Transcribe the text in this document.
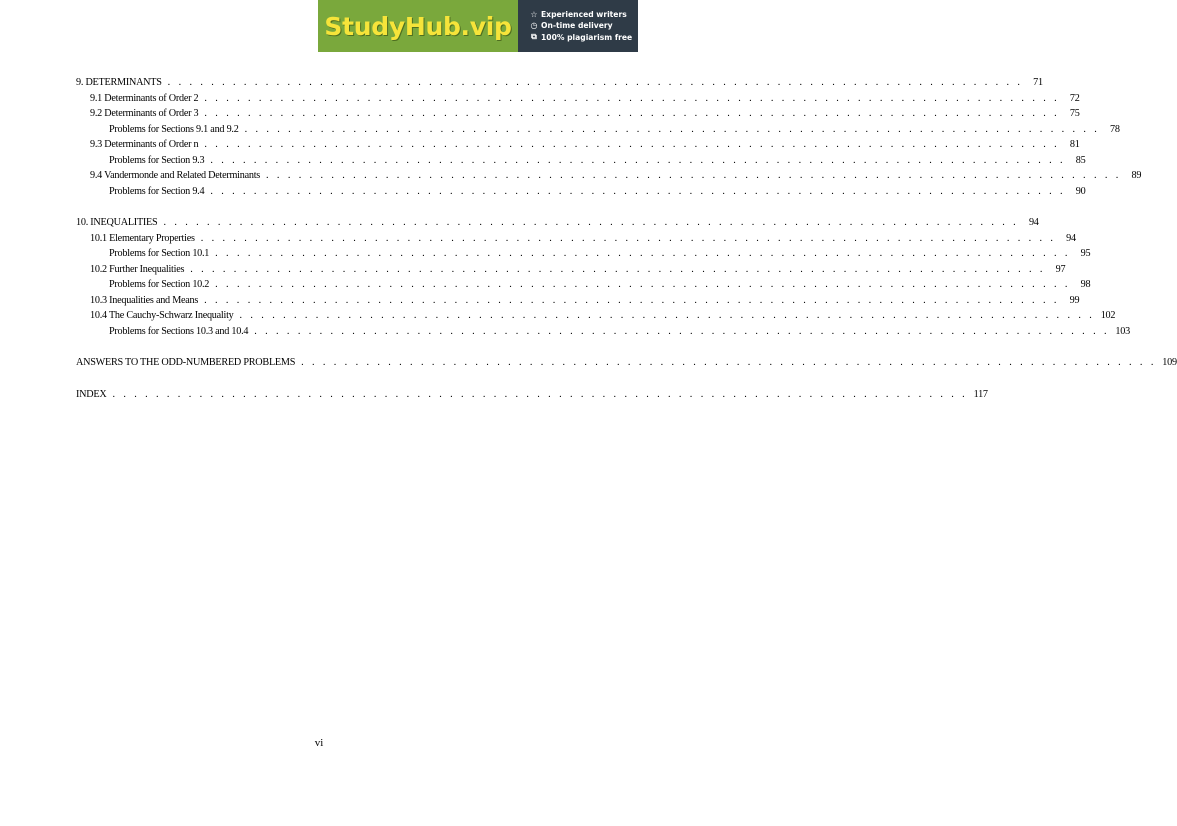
StudyHub.vip ☆ Experienced writers
◷ On-time delivery
⧉ 100% plagiarism free
9. DETERMINANTS . . . . . . . . . . . . . . . . . . . . . . . . . . . . . . . . . . . . . . . . . . . . . . . . . . . . . . . . . . . . . . . . . . . . . . . . . . . . . . .	71
9.1 Determinants of Order 2 . . . . . . . . . . . . . . . . . . . . . . . . . . . . . . . . . . . . . . . . . . . . . . . . . . . . . . . . . . . . . . . . . . . . . . . . . . . . . . .	72
9.2 Determinants of Order 3 . . . . . . . . . . . . . . . . . . . . . . . . . . . . . . . . . . . . . . . . . . . . . . . . . . . . . . . . . . . . . . . . . . . . . . . . . . . . . . .	75
Problems for Sections 9.1 and 9.2 . . . . . . . . . . . . . . . . . . . . . . . . . . . . . . . . . . . . . . . . . . . . . . . . . . . . . . . . . . . . . . . . . . . . . . . . . . . . . . .	78
9.3 Determinants of Order n . . . . . . . . . . . . . . . . . . . . . . . . . . . . . . . . . . . . . . . . . . . . . . . . . . . . . . . . . . . . . . . . . . . . . . . . . . . . . . .	81
Problems for Section 9.3 . . . . . . . . . . . . . . . . . . . . . . . . . . . . . . . . . . . . . . . . . . . . . . . . . . . . . . . . . . . . . . . . . . . . . . . . . . . . . . .	85
9.4 Vandermonde and Related Determinants . . . . . . . . . . . . . . . . . . . . . . . . . . . . . . . . . . . . . . . . . . . . . . . . . . . . . . . . . . . . . . . . . . . . . . . . . . . . . . .	89
Problems for Section 9.4 . . . . . . . . . . . . . . . . . . . . . . . . . . . . . . . . . . . . . . . . . . . . . . . . . . . . . . . . . . . . . . . . . . . . . . . . . . . . . . .	90
10. INEQUALITIES . . . . . . . . . . . . . . . . . . . . . . . . . . . . . . . . . . . . . . . . . . . . . . . . . . . . . . . . . . . . . . . . . . . . . . . . . . . . . . .	94
10.1 Elementary Properties . . . . . . . . . . . . . . . . . . . . . . . . . . . . . . . . . . . . . . . . . . . . . . . . . . . . . . . . . . . . . . . . . . . . . . . . . . . . . . .	94
Problems for Section 10.1 . . . . . . . . . . . . . . . . . . . . . . . . . . . . . . . . . . . . . . . . . . . . . . . . . . . . . . . . . . . . . . . . . . . . . . . . . . . . . . .	95
10.2 Further Inequalities . . . . . . . . . . . . . . . . . . . . . . . . . . . . . . . . . . . . . . . . . . . . . . . . . . . . . . . . . . . . . . . . . . . . . . . . . . . . . . .	97
Problems for Section 10.2 . . . . . . . . . . . . . . . . . . . . . . . . . . . . . . . . . . . . . . . . . . . . . . . . . . . . . . . . . . . . . . . . . . . . . . . . . . . . . . .	98
10.3 Inequalities and Means . . . . . . . . . . . . . . . . . . . . . . . . . . . . . . . . . . . . . . . . . . . . . . . . . . . . . . . . . . . . . . . . . . . . . . . . . . . . . . .	99
10.4 The Cauchy-Schwarz Inequality . . . . . . . . . . . . . . . . . . . . . . . . . . . . . . . . . . . . . . . . . . . . . . . . . . . . . . . . . . . . . . . . . . . . . . . . . . . . . . . 102
Problems for Sections 10.3 and 10.4 . . . . . . . . . . . . . . . . . . . . . . . . . . . . . . . . . . . . . . . . . . . . . . . . . . . . . . . . . . . . . . . . . . . . . . . . . . . . . . . 103
ANSWERS TO THE ODD-NUMBERED PROBLEMS . . . . . . . . . . . . . . . . . . . . . . . . . . . . . . . . . . . . . . . . . . . . . . . . . . . . . . . . . . . . . . . . . . . . . . . . . . . . . . . 109
INDEX . . . . . . . . . . . . . . . . . . . . . . . . . . . . . . . . . . . . . . . . . . . . . . . . . . . . . . . . . . . . . . . . . . . . . . . . . . . . . . . 117
vi
